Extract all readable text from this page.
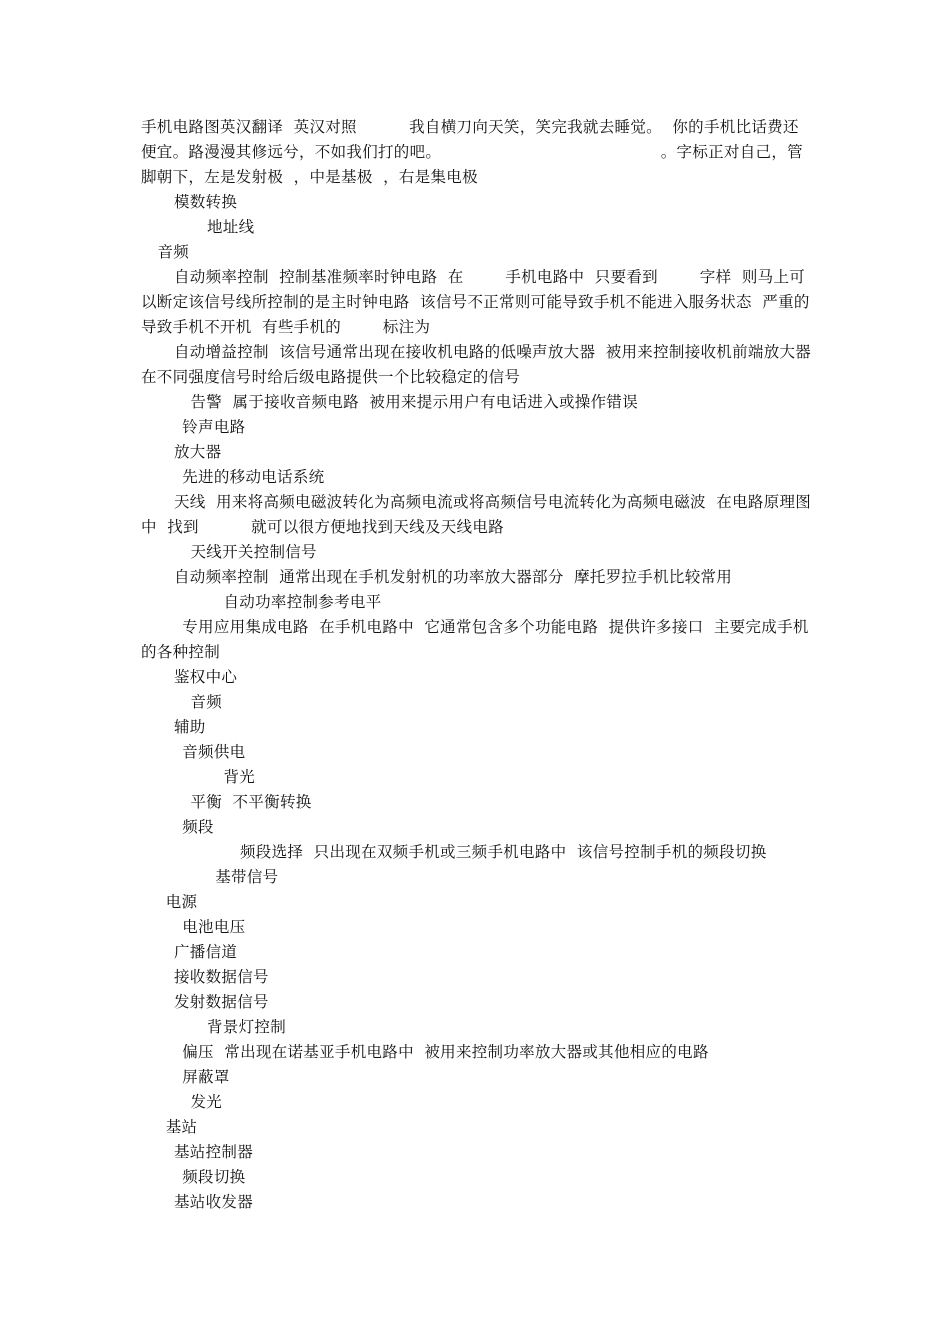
手机电路图英汉翻译  英汉对照          我自横刀向天笑，笑完我就去睡觉。  你的手机比话费还便宜。路漫漫其修远兮，不如我们打的吧。                                          。字标正对自己，管脚朝下，左是发射极  ，中是基极  ，右是集电极

模数转换

地址线

音频

自动频率控制  控制基准频率时钟电路  在        手机电路中  只要看到        字样  则马上可以断定该信号线所控制的是主时钟电路  该信号不正常则可能导致手机不能进入服务状态  严重的导致手机不开机  有些手机的        标注为

自动增益控制  该信号通常出现在接收机电路的低噪声放大器  被用来控制接收机前端放大器在不同强度信号时给后级电路提供一个比较稳定的信号

告警  属于接收音频电路  被用来提示用户有电话进入或操作错误

铃声电路

放大器

先进的移动电话系统

天线  用来将高频电磁波转化为高频电流或将高频信号电流转化为高频电磁波  在电路原理图中  找到          就可以很方便地找到天线及天线电路

天线开关控制信号

自动频率控制  通常出现在手机发射机的功率放大器部分  摩托罗拉手机比较常用

自动功率控制参考电平

专用应用集成电路  在手机电路中  它通常包含多个功能电路  提供许多接口  主要完成手机的各种控制

鉴权中心

音频

辅助

音频供电

背光

平衡  不平衡转换

频段

频段选择  只出现在双频手机或三频手机电路中  该信号控制手机的频段切换

基带信号

电源

电池电压

广播信道

接收数据信号

发射数据信号

背景灯控制

偏压  常出现在诺基亚手机电路中  被用来控制功率放大器或其他相应的电路

屏蔽罩

发光

基站

基站控制器

频段切换

基站收发器
